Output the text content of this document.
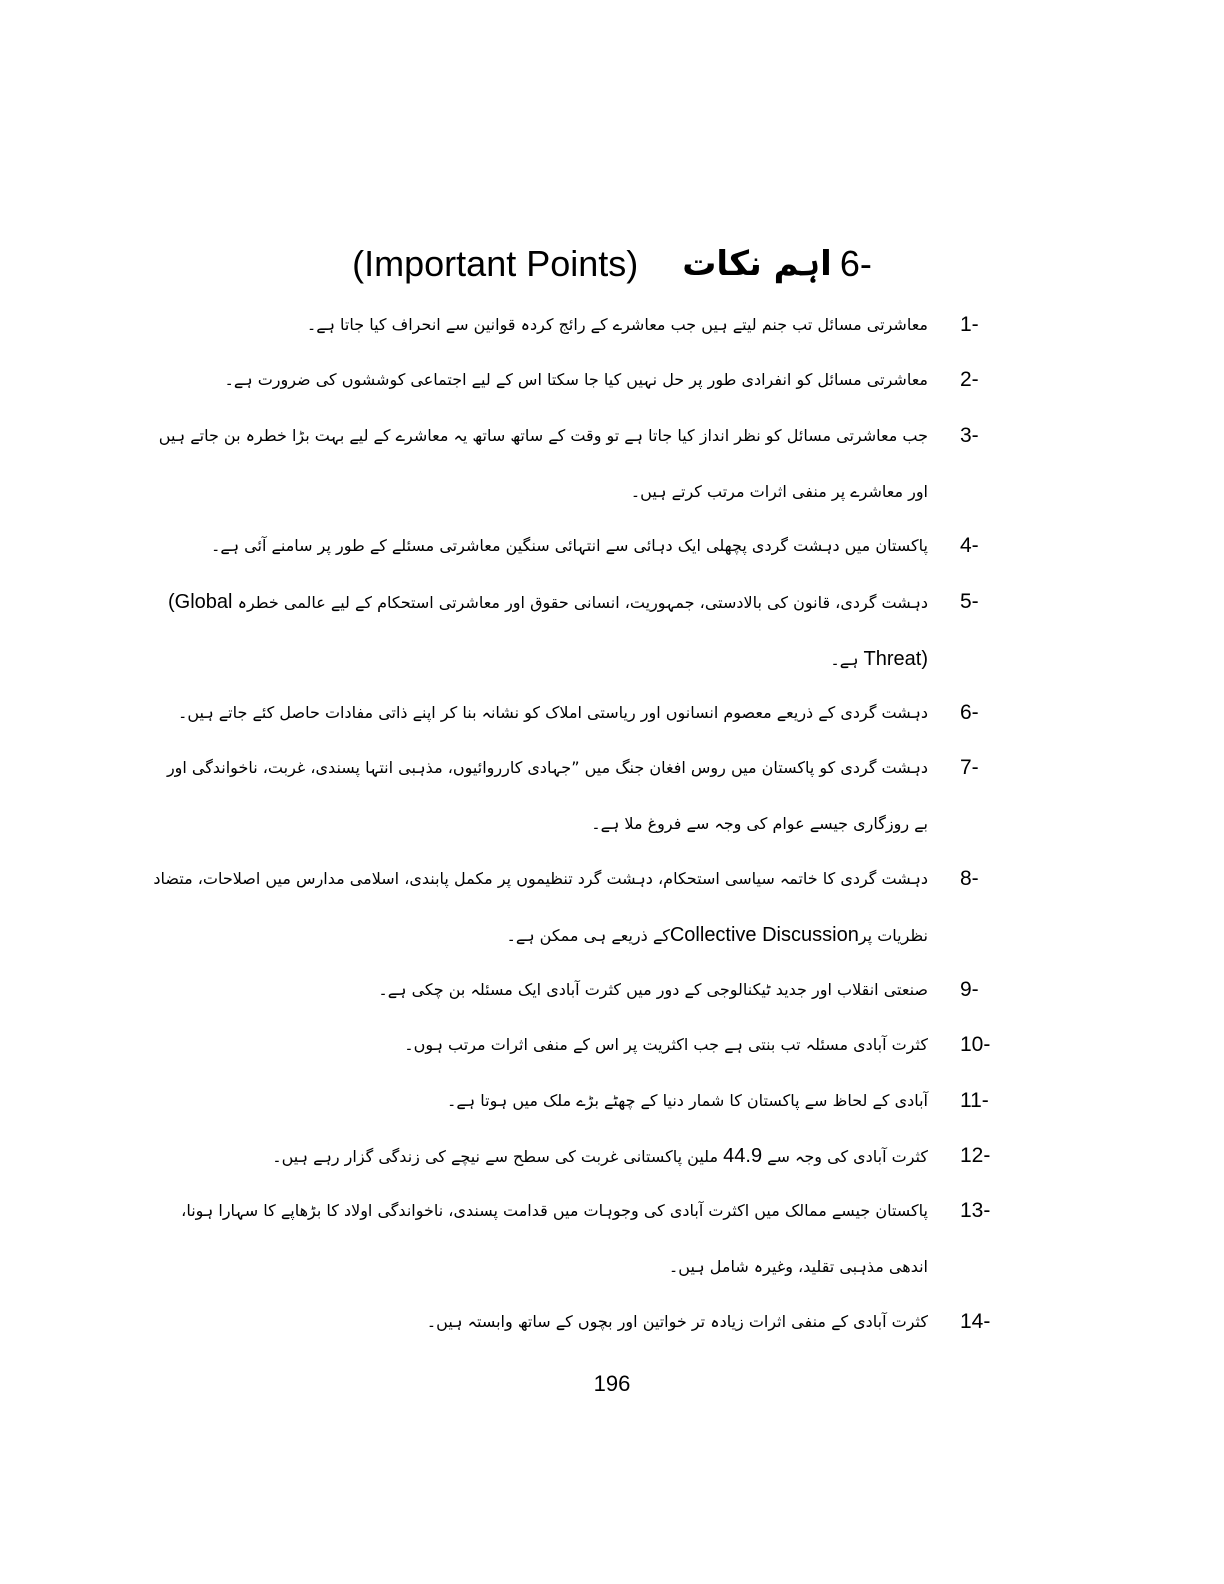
(Important Points) اہم نکات 6-
1-
معاشرتی مسائل تب جنم لیتے ہیں جب معاشرے کے رائج کردہ قوانین سے انحراف کیا جاتا ہے۔
2-
معاشرتی مسائل کو انفرادی طور پر حل نہیں کیا جا سکتا اس کے لیے اجتماعی کوششوں کی ضرورت ہے۔
3-
جب معاشرتی مسائل کو نظر انداز کیا جاتا ہے تو وقت کے ساتھ ساتھ یہ معاشرے کے لیے بہت بڑا خطرہ بن جاتے ہیں اور معاشرے پر منفی اثرات مرتب کرتے ہیں۔
4-
پاکستان میں دہشت گردی پچھلی ایک دہائی سے انتہائی سنگین معاشرتی مسئلے کے طور پر سامنے آئی ہے۔
5-
دہشت گردی، قانون کی بالادستی، جمہوریت، انسانی حقوق اور معاشرتی استحکام کے لیے عالمی خطرہ (Global Threat) ہے۔
6-
دہشت گردی کے ذریعے معصوم انسانوں اور ریاستی املاک کو نشانہ بنا کر اپنے ذاتی مفادات حاصل کئے جاتے ہیں۔
7-
دہشت گردی کو پاکستان میں روس افغان جنگ میں ”جہادی کارروائیوں، مذہبی انتہا پسندی، غربت، ناخواندگی اور بے روزگاری جیسے عوام کی وجہ سے فروغ ملا ہے۔
8-
دہشت گردی کا خاتمہ سیاسی استحکام، دہشت گرد تنظیموں پر مکمل پابندی، اسلامی مدارس میں اصلاحات، متضاد نظریات پرCollective Discussionکے ذریعے ہی ممکن ہے۔
9-
صنعتی انقلاب اور جدید ٹیکنالوجی کے دور میں کثرت آبادی ایک مسئلہ بن چکی ہے۔
10-
کثرت آبادی مسئلہ تب بنتی ہے جب اکثریت پر اس کے منفی اثرات مرتب ہوں۔
11-
آبادی کے لحاظ سے پاکستان کا شمار دنیا کے چھٹے بڑے ملک میں ہوتا ہے۔
12-
کثرت آبادی کی وجہ سے 44.9 ملین پاکستانی غربت کی سطح سے نیچے کی زندگی گزار رہے ہیں۔
13-
پاکستان جیسے ممالک میں اکثرت آبادی کی وجوہات میں قدامت پسندی، ناخواندگی اولاد کا بڑھاپے کا سہارا ہونا، اندھی مذہبی تقلید، وغیرہ شامل ہیں۔
14-
کثرت آبادی کے منفی اثرات زیادہ تر خواتین اور بچوں کے ساتھ وابستہ ہیں۔
196
